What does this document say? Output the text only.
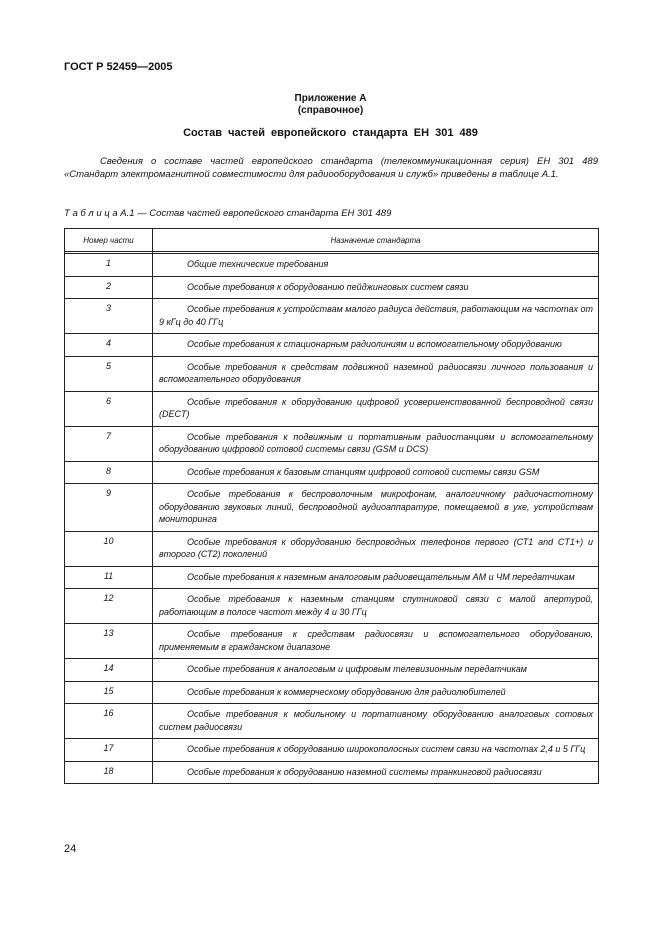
ГОСТ Р 52459—2005
Приложение А
(справочное)
Состав частей европейского стандарта ЕН 301 489
Сведения о составе частей европейского стандарта (телекоммуникационная серия) ЕН 301 489 «Стандарт электромагнитной совместимости для радиооборудования и служб» приведены в таблице А.1.
Т а б л и ц а А.1 — Состав частей европейского стандарта ЕН 301 489
Номер части	Назначение стандарта

1	Общие технические требования
2	Особые требования к оборудованию пейджинговых систем связи
3	Особые требования к устройствам малого радиуса действия, работающим на частотах от 9 кГц до 40 ГГц
4	Особые требования к стационарным радиолиниям и вспомогательному оборудованию
5	Особые требования к средствам подвижной наземной радиосвязи личного пользования и вспомогательного оборудования
6	Особые требования к оборудованию цифровой усовершенствованной беспроводной связи (DECT)
7	Особые требования к подвижным и портативным радиостанциям и вспомогательному оборудованию цифровой сотовой системы связи (GSM и DCS)
8	Особые требования к базовым станциям цифровой сотовой системы связи GSM
9	Особые требования к беспроволочным микрофонам, аналогичному радиочастотному оборудованию звуковых линий, беспроводной аудиоаппаратуре, помещаемой в ухе, устройствам мониторинга
10	Особые требования к оборудованию беспроводных телефонов первого (СТ1 and CT1+) и второго (СТ2) поколений
11	Особые требования к наземным аналоговым радиовещательным АМ и ЧМ передатчикам
12	Особые требования к наземным станциям спутниковой связи с малой апертурой, работающим в полосе частот между 4 и 30 ГГц
13	Особые требования к средствам радиосвязи и вспомогательного оборудованию, применяемым в гражданском диапазоне
14	Особые требования к аналоговым и цифровым телевизионным передатчикам
15	Особые требования к коммерческому оборудованию для радиолюбителей
16	Особые требования к мобильному и портативному оборудованию аналоговых сотовых систем радиосвязи
17	Особые требования к оборудованию широкополосных систем связи на частотах 2,4 и 5 ГГц
18	Особые требования к оборудованию наземной системы транкинговой радиосвязи
24
